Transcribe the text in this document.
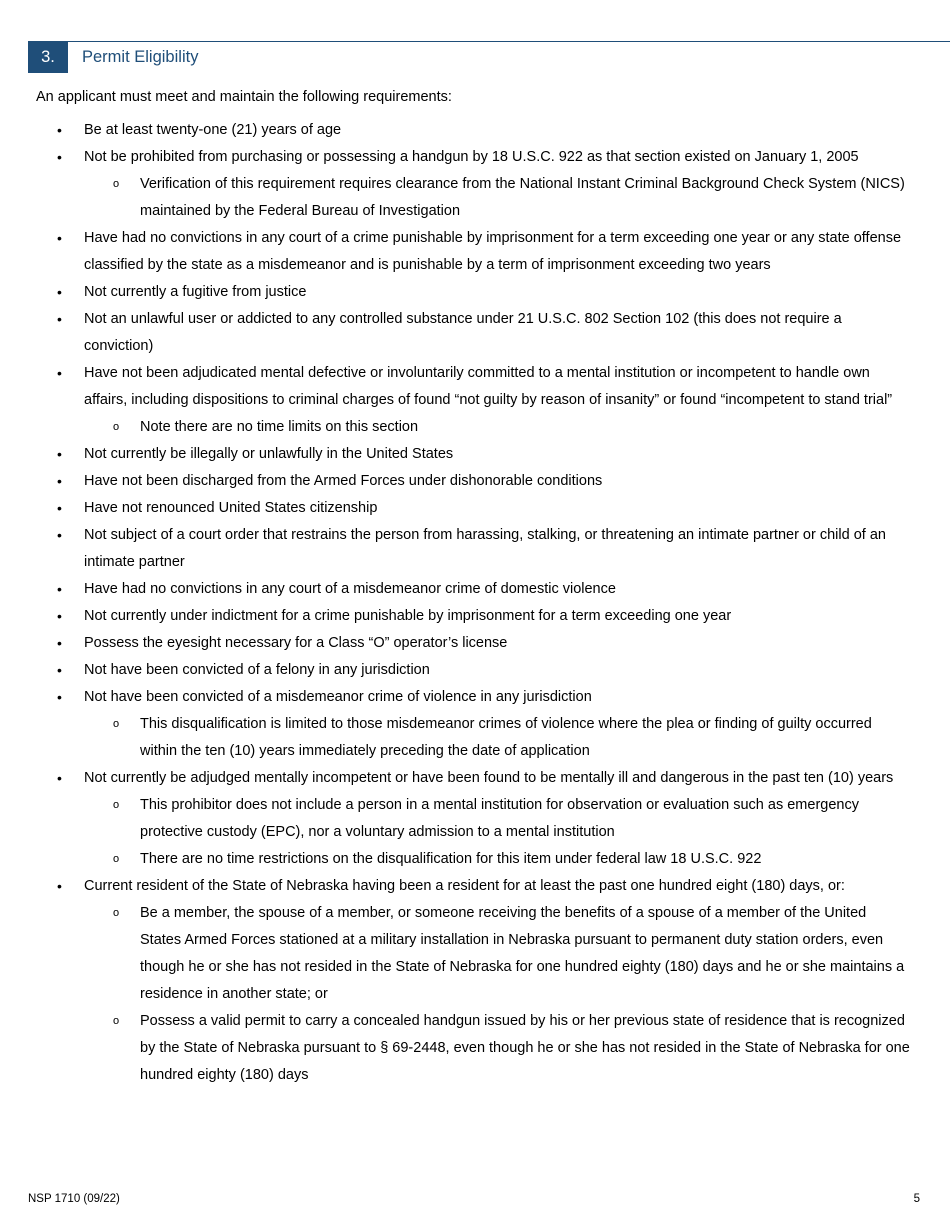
3.	Permit Eligibility
An applicant must meet and maintain the following requirements:
• Be at least twenty-one (21) years of age
• Not be prohibited from purchasing or possessing a handgun by 18 U.S.C. 922 as that section existed on January 1, 2005
o Verification of this requirement requires clearance from the National Instant Criminal Background Check System (NICS) maintained by the Federal Bureau of Investigation
• Have had no convictions in any court of a crime punishable by imprisonment for a term exceeding one year or any state offense classified by the state as a misdemeanor and is punishable by a term of imprisonment exceeding two years
• Not currently a fugitive from justice
• Not an unlawful user or addicted to any controlled substance under 21 U.S.C. 802 Section 102 (this does not require a conviction)
• Have not been adjudicated mental defective or involuntarily committed to a mental institution or incompetent to handle own affairs, including dispositions to criminal charges of found “not guilty by reason of insanity” or found “incompetent to stand trial”
o Note there are no time limits on this section
• Not currently be illegally or unlawfully in the United States
• Have not been discharged from the Armed Forces under dishonorable conditions
• Have not renounced United States citizenship
• Not subject of a court order that restrains the person from harassing, stalking, or threatening an intimate partner or child of an intimate partner
• Have had no convictions in any court of a misdemeanor crime of domestic violence
• Not currently under indictment for a crime punishable by imprisonment for a term exceeding one year
• Possess the eyesight necessary for a Class “O” operator’s license
• Not have been convicted of a felony in any jurisdiction
• Not have been convicted of a misdemeanor crime of violence in any jurisdiction
o This disqualification is limited to those misdemeanor crimes of violence where the plea or finding of guilty occurred within the ten (10) years immediately preceding the date of application
• Not currently be adjudged mentally incompetent or have been found to be mentally ill and dangerous in the past ten (10) years
o This prohibitor does not include a person in a mental institution for observation or evaluation such as emergency protective custody (EPC), nor a voluntary admission to a mental institution
o There are no time restrictions on the disqualification for this item under federal law 18 U.S.C. 922
• Current resident of the State of Nebraska having been a resident for at least the past one hundred eight (180) days, or:
o Be a member, the spouse of a member, or someone receiving the benefits of a spouse of a member of the United States Armed Forces stationed at a military installation in Nebraska pursuant to permanent duty station orders, even though he or she has not resided in the State of Nebraska for one hundred eighty (180) days and he or she maintains a residence in another state; or
o Possess a valid permit to carry a concealed handgun issued by his or her previous state of residence that is recognized by the State of Nebraska pursuant to § 69-2448, even though he or she has not resided in the State of Nebraska for one hundred eighty (180) days
NSP 1710 (09/22)	5
